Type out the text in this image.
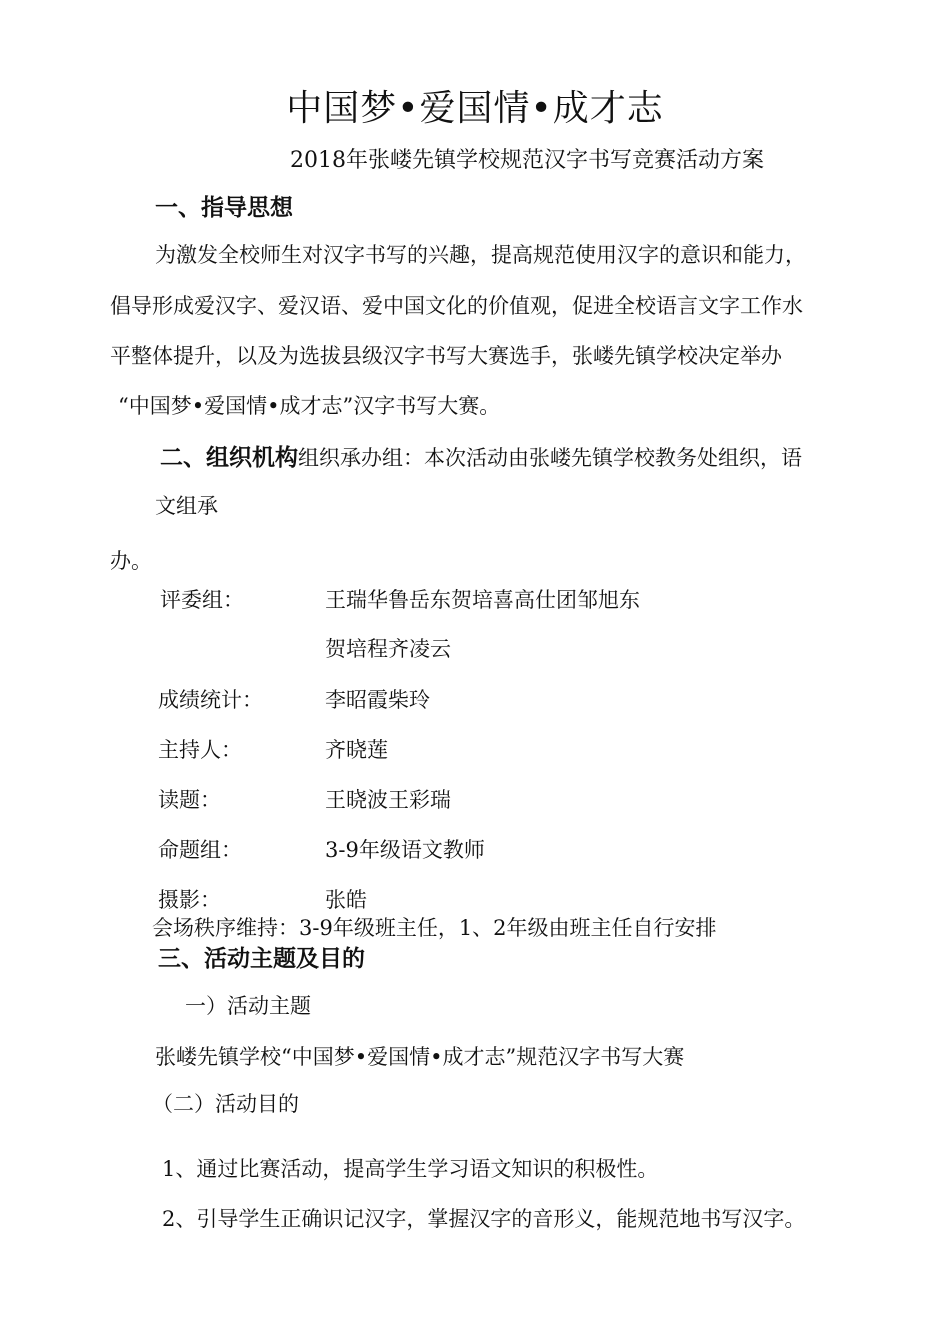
中国梦•爱国情•成才志
2018年张嵝先镇学校规范汉字书写竞赛活动方案
一、指导思想
为激发全校师生对汉字书写的兴趣，提高规范使用汉字的意识和能力，
倡导形成爱汉字、爱汉语、爱中国文化的价值观，促进全校语言文字工作水
平整体提升，以及为选拔县级汉字书写大赛选手，张嵝先镇学校决定举办
“中国梦•爱国情•成才志”汉字书写大赛。
二、组织机构组织承办组：本次活动由张嵝先镇学校教务处组织，语
文组承
办。
评委组：	王瑞华鲁岳东贺培喜高仕团邹旭东
贺培程齐凌云
成绩统计：	李昭霞柴玲
主持人：	齐晓莲
读题：	王晓波王彩瑞
命题组：	3-9年级语文教师
摄影：	张皓
会场秩序维持：3-9年级班主任，1、2年级由班主任自行安排
三、活动主题及目的
一）活动主题
张嵝先镇学校“中国梦•爱国情•成才志”规范汉字书写大赛
（二）活动目的
1、通过比赛活动，提高学生学习语文知识的积极性。
2、引导学生正确识记汉字，掌握汉字的音形义，能规范地书写汉字。
